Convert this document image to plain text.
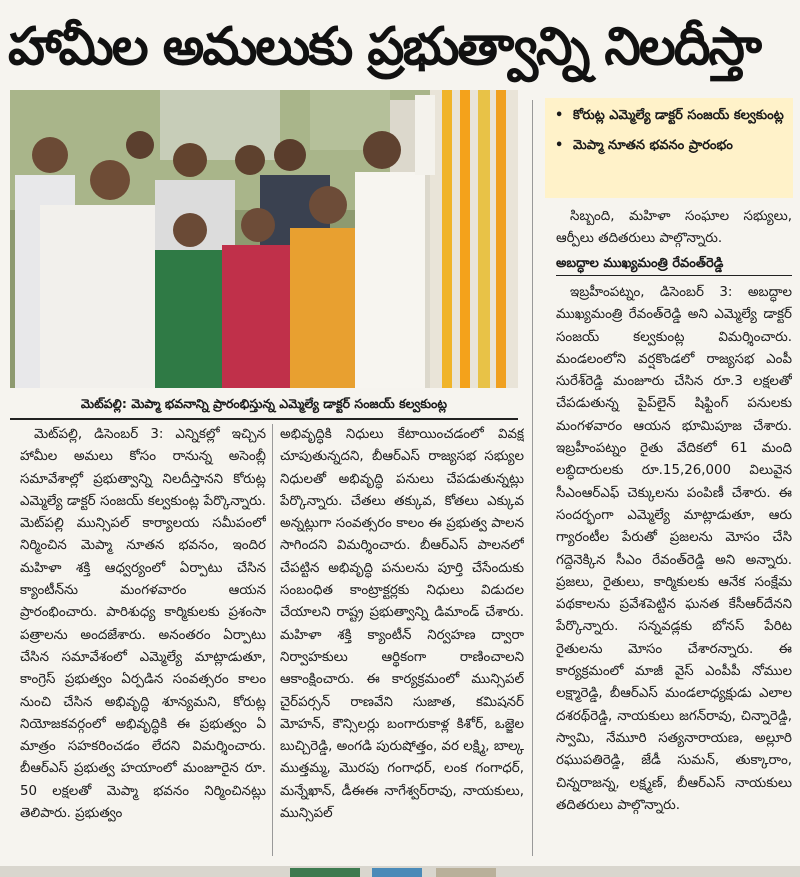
హామీల అమలుకు ప్రభుత్వాన్ని నిలదీస్తా
మెట్‌పల్లి: మెప్మా భవనాన్ని ప్రారంభిస్తున్న ఎమ్మెల్యే డాక్టర్‌ సంజయ్‌ కల్వకుంట్ల
• కోరుట్ల ఎమ్మెల్యే డాక్టర్‌ సంజయ్‌ కల్వకుంట్ల
• మెప్మా నూతన భవనం ప్రారంభం

సిబ్బంది, మహిళా సంఘాల సభ్యులు, ఆర్పీలు తదితరులు పాల్గొన్నారు.

అబద్ధాల ముఖ్యమంత్రి రేవంత్‌రెడ్డి

మెట్‌పల్లి, డిసెంబర్‌ 3: ఎన్నికల్లో ఇచ్చిన హామీల అమలు కోసం రానున్న అసెంబ్లీ సమావేశాల్లో ప్రభుత్వాన్ని నిలదీస్తానని కోరుట్ల ఎమ్మెల్యే డాక్టర్‌ సంజయ్‌ కల్వకుంట్ల పేర్కొన్నారు. మెట్‌పల్లి మున్సిపల్‌ కార్యాలయ సమీపంలో నిర్మించిన మెప్మా నూతన భవనం, ఇందిర మహిళా శక్తి ఆధ్వర్యంలో ఏర్పాటు చేసిన క్యాంటీన్‌ను మంగళవారం ఆయన ప్రారంభించారు. పారిశుధ్య కార్మికులకు ప్రశంసా పత్రాలను అందజేశారు. అనంతరం ఏర్పాటు చేసిన సమావేశంలో ఎమ్మెల్యే మాట్లాడుతూ, కాంగ్రెస్‌ ప్రభుత్వం ఏర్పడిన సంవత్సరం కాలం నుంచి చేసిన అభివృద్ధి శూన్యమని, కోరుట్ల నియోజకవర్గంలో అభివృద్ధికి ఈ ప్రభుత్వం ఏ మాత్రం సహకరించడం లేదని విమర్శించారు. బీఆర్‌ఎస్‌ ప్రభుత్వ హయాంలో మంజూరైన రూ. 50 లక్షలతో మెప్మా భవనం నిర్మించినట్లు తెలిపారు. ప్రభుత్వం

అభివృద్ధికి నిధులు కేటాయించడంలో వివక్ష చూపుతున్నదని, బీఆర్‌ఎస్‌ రాజ్యసభ సభ్యుల నిధులతో అభివృద్ధి పనులు చేపడుతున్నట్లు పేర్కొన్నారు. చేతలు తక్కువ, కోతలు ఎక్కువ అన్నట్లుగా సంవత్సరం కాలం ఈ ప్రభుత్వ పాలన సాగిందని విమర్శించారు. బీఆర్‌ఎస్‌ పాలనలో చేపట్టిన అభివృద్ధి పనులను పూర్తి చేసేందుకు సంబంధిత కాంట్రాక్టర్లకు నిధులు విడుదల చేయాలని రాష్ట్ర ప్రభుత్వాన్ని డిమాండ్‌ చేశారు. మహిళా శక్తి క్యాంటీన్‌ నిర్వహణ ద్వారా నిర్వాహకులు ఆర్థికంగా రాణించాలని ఆకాంక్షించారు. ఈ కార్యక్రమంలో మున్సిపల్‌ చైర్‌పర్సన్‌ రాణవేని సుజాత, కమిషనర్‌ మోహన్‌, కౌన్సిలర్లు బంగారుకాళ్ల కిశోర్‌, ఒజ్జెల బుచ్చిరెడ్డి, అంగడి పురుషోత్తం, వర లక్ష్మి, బాల్క ముత్తమ్మ, మొరపు గంగాధర్‌, లంక గంగాధర్‌, మన్నేఖాన్‌, డీఈఈ నాగేశ్వర్‌రావు, నాయకులు, మున్సిపల్‌

ఇబ్రహీంపట్నం, డిసెంబర్‌ 3: అబద్ధాల ముఖ్యమంత్రి రేవంత్‌రెడ్డి అని ఎమ్మెల్యే డాక్టర్‌ సంజయ్‌ కల్వకుంట్ల విమర్శించారు. మండలంలోని వర్షకొండలో రాజ్యసభ ఎంపీ సురేశ్‌రెడ్డి మంజూరు చేసిన రూ.3 లక్షలతో చేపడుతున్న పైప్‌లైన్‌ షిఫ్టింగ్‌ పనులకు మంగళవారం ఆయన భూమిపూజ చేశారు. ఇబ్రహీంపట్నం రైతు వేదికలో 61 మంది లబ్ధిదారులకు రూ.15,26,000 విలువైన సీఎంఆర్‌ఎఫ్‌ చెక్కులను పంపిణీ చేశారు. ఈ సందర్భంగా ఎమ్మెల్యే మాట్లాడుతూ, ఆరు గ్యారంటీల పేరుతో ప్రజలను మోసం చేసి గద్దెనెక్కిన సీఎం రేవంత్‌రెడ్డి అని అన్నారు. ప్రజలు, రైతులు, కార్మికులకు ఆనేక సంక్షేమ పథకాలను ప్రవేశపెట్టిన ఘనత కేసీఆర్‌దేనని పేర్కొన్నారు. సన్నవడ్లకు బోనస్‌ పేరిట రైతులను మోసం చేశారన్నారు. ఈ కార్యక్రమంలో మాజీ వైస్‌ ఎంపీపీ నోముల లక్ష్మారెడ్డి, బీఆర్‌ఎస్‌ మండలాధ్యక్షుడు ఎలాల దశరథ్‌రెడ్డి, నాయకులు జగన్‌రావు, చిన్నారెడ్డి, స్వామి, నేమూరి సత్యనారాయణ, అల్లూరి రఘుపతిరెడ్డి, జేడీ సుమన్‌, తుక్కారాం, చిన్నరాజన్న, లక్ష్మణ్‌, బీఆర్‌ఎస్‌ నాయకులు తదితరులు పాల్గొన్నారు.
